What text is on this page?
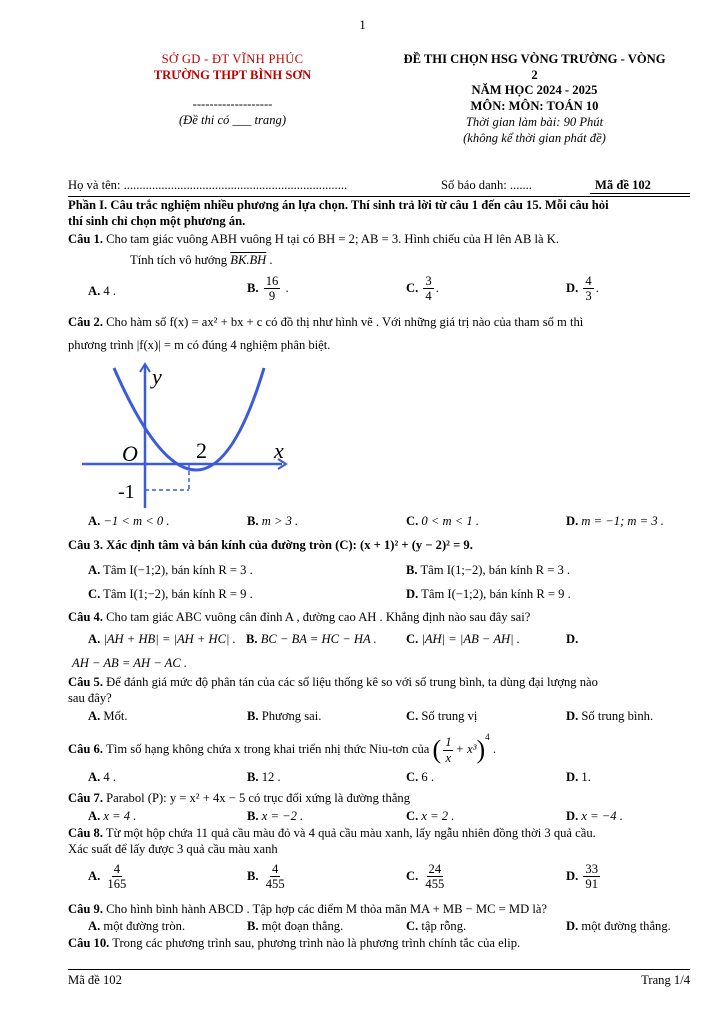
1
SỞ GD - ĐT VĨNH PHÚC
TRƯỜNG THPT BÌNH SƠN
-------------------
(Đề thi có ___ trang)
ĐỀ THI CHỌN HSG VÒNG TRƯỜNG - VÒNG
2
NĂM HỌC 2024 - 2025
MÔN: MÔN: TOÁN 10
Thời gian làm bài: 90 Phút
(không kể thời gian phát đề)
Họ và tên: .......................................................................	Số báo danh: .......	Mã đề 102
Phần I. Câu trắc nghiệm nhiều phương án lựa chọn. Thí sinh trả lời từ câu 1 đến câu 15. Mỗi câu hỏi
thí sinh chỉ chọn một phương án.
Câu 1. Cho tam giác vuông ABH vuông H tại có BH = 2; AB = 3. Hình chiếu của H lên AB là K.
Tính tích vô hướng BK.BH .
A. 4 .	B. $\frac{16}{9}$ .	C. $\frac{3}{4}$ .	D. $\frac{4}{3}$ .
Câu 2. Cho hàm số f(x) = ax² + bx + c có đồ thị như hình vẽ . Với những giá trị nào của tham số m thì
phương trình |f(x)| = m có đúng 4 nghiệm phân biệt.
y
x
O	2
-1
A. −1 < m < 0 .	B. m > 3 .	C. 0 < m < 1 .	D. m = −1; m = 3 .
Câu 3. Xác định tâm và bán kính của đường tròn (C): (x + 1)² + (y − 2)² = 9.
A. Tâm I(−1;2), bán kính R = 3 .	B. Tâm I(1;−2), bán kính R = 3 .
C. Tâm I(1;−2), bán kính R = 9 .	D. Tâm I(−1;2), bán kính R = 9 .
Câu 4. Cho tam giác ABC vuông cân đỉnh A , đường cao AH . Khẳng định nào sau đây sai?
A. |AH + HB| = |AH + HC| . B. BC − BA = HC − HA . C. |AH| = |AB − AH| .	D.
AH − AB = AH − AC .
Câu 5. Để đánh giá mức độ phân tán của các số liệu thống kê so với số trung bình, ta dùng đại lượng nào
sau đây?
A. Mốt.	B. Phương sai.	C. Số trung vị	D. Số trung bình.
Câu 6.
Tìm số hạng không chứa x trong khai triển nhị thức Niu-tơn của
( $\frac{1}{x} + x^3$ )$^4$
.
A. 4 .	B. 12 .	C. 6 .	D. 1.
Câu 7. Parabol (P): y = x² + 4x − 5 có trục đối xứng là đường thẳng
A. x = 4 .	B. x = −2 .	C. x = 2 .	D. x = −4 .
Câu 8. Từ một hộp chứa 11 quả cầu màu đỏ và 4 quả cầu màu xanh, lấy ngẫu nhiên đồng thời 3 quả cầu.
Xác suất để lấy được 3 quả cầu màu xanh
A. $\frac{4}{165}$	B. $\frac{4}{455}$	C. $\frac{24}{455}$	D. $\frac{33}{91}$
Câu 9. Cho hình bình hành ABCD . Tập hợp các điểm M thỏa mãn MA + MB − MC = MD là?
A. một đường tròn.	B. một đoạn thẳng.	C. tập rỗng.	D. một đường thẳng.
Câu 10. Trong các phương trình sau, phương trình nào là phương trình chính tắc của elip.
Mã đề 102	Trang 1/4
